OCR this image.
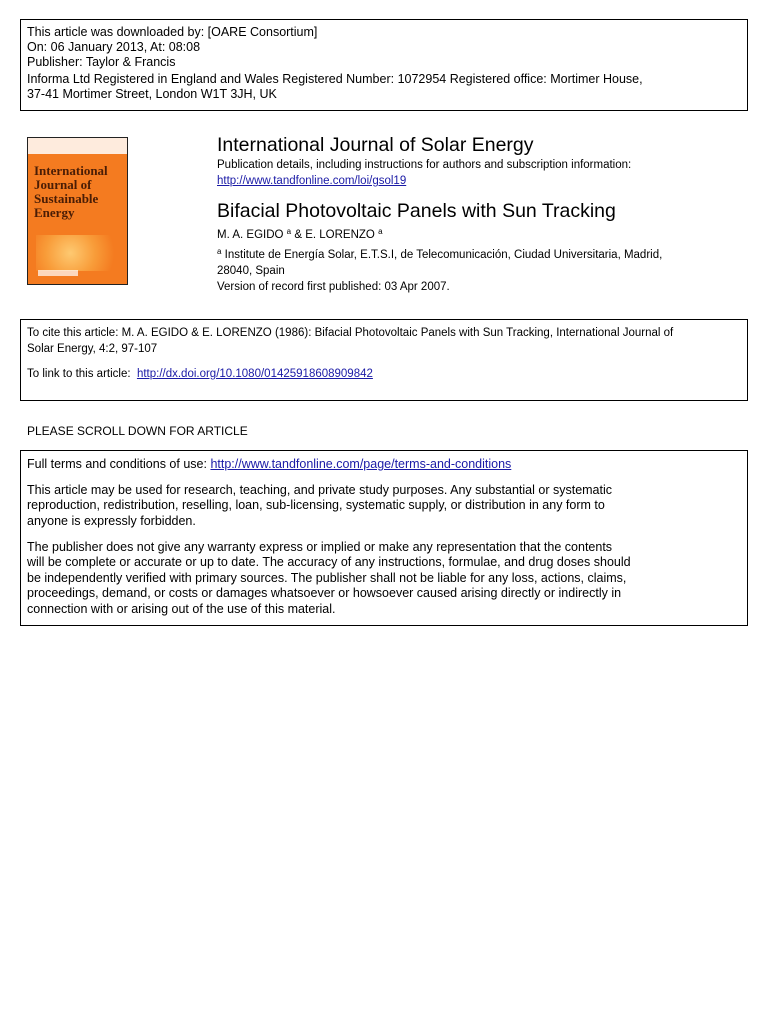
This article was downloaded by: [OARE Consortium]
On: 06 January 2013, At: 08:08
Publisher: Taylor & Francis
Informa Ltd Registered in England and Wales Registered Number: 1072954 Registered office: Mortimer House,
37-41 Mortimer Street, London W1T 3JH, UK
International Journal of Sustainable Energy
International Journal of Solar Energy
Publication details, including instructions for authors and subscription information:
http://www.tandfonline.com/loi/gsol19
Bifacial Photovoltaic Panels with Sun Tracking
M. A. EGIDO $^a$ & E. LORENZO $^a$
$^a$ Institute de Energía Solar, E.T.S.I, de Telecomunicación, Ciudad Universitaria, Madrid,
28040, Spain
Version of record first published: 03 Apr 2007.
To cite this article: M. A. EGIDO & E. LORENZO (1986): Bifacial Photovoltaic Panels with Sun Tracking, International Journal of
Solar Energy, 4:2, 97-107
To link to this article: http://dx.doi.org/10.1080/01425918608909842
PLEASE SCROLL DOWN FOR ARTICLE
Full terms and conditions of use: http://www.tandfonline.com/page/terms-and-conditions
This article may be used for research, teaching, and private study purposes. Any substantial or systematic
reproduction, redistribution, reselling, loan, sub-licensing, systematic supply, or distribution in any form to
anyone is expressly forbidden.
The publisher does not give any warranty express or implied or make any representation that the contents
will be complete or accurate or up to date. The accuracy of any instructions, formulae, and drug doses should
be independently verified with primary sources. The publisher shall not be liable for any loss, actions, claims,
proceedings, demand, or costs or damages whatsoever or howsoever caused arising directly or indirectly in
connection with or arising out of the use of this material.
